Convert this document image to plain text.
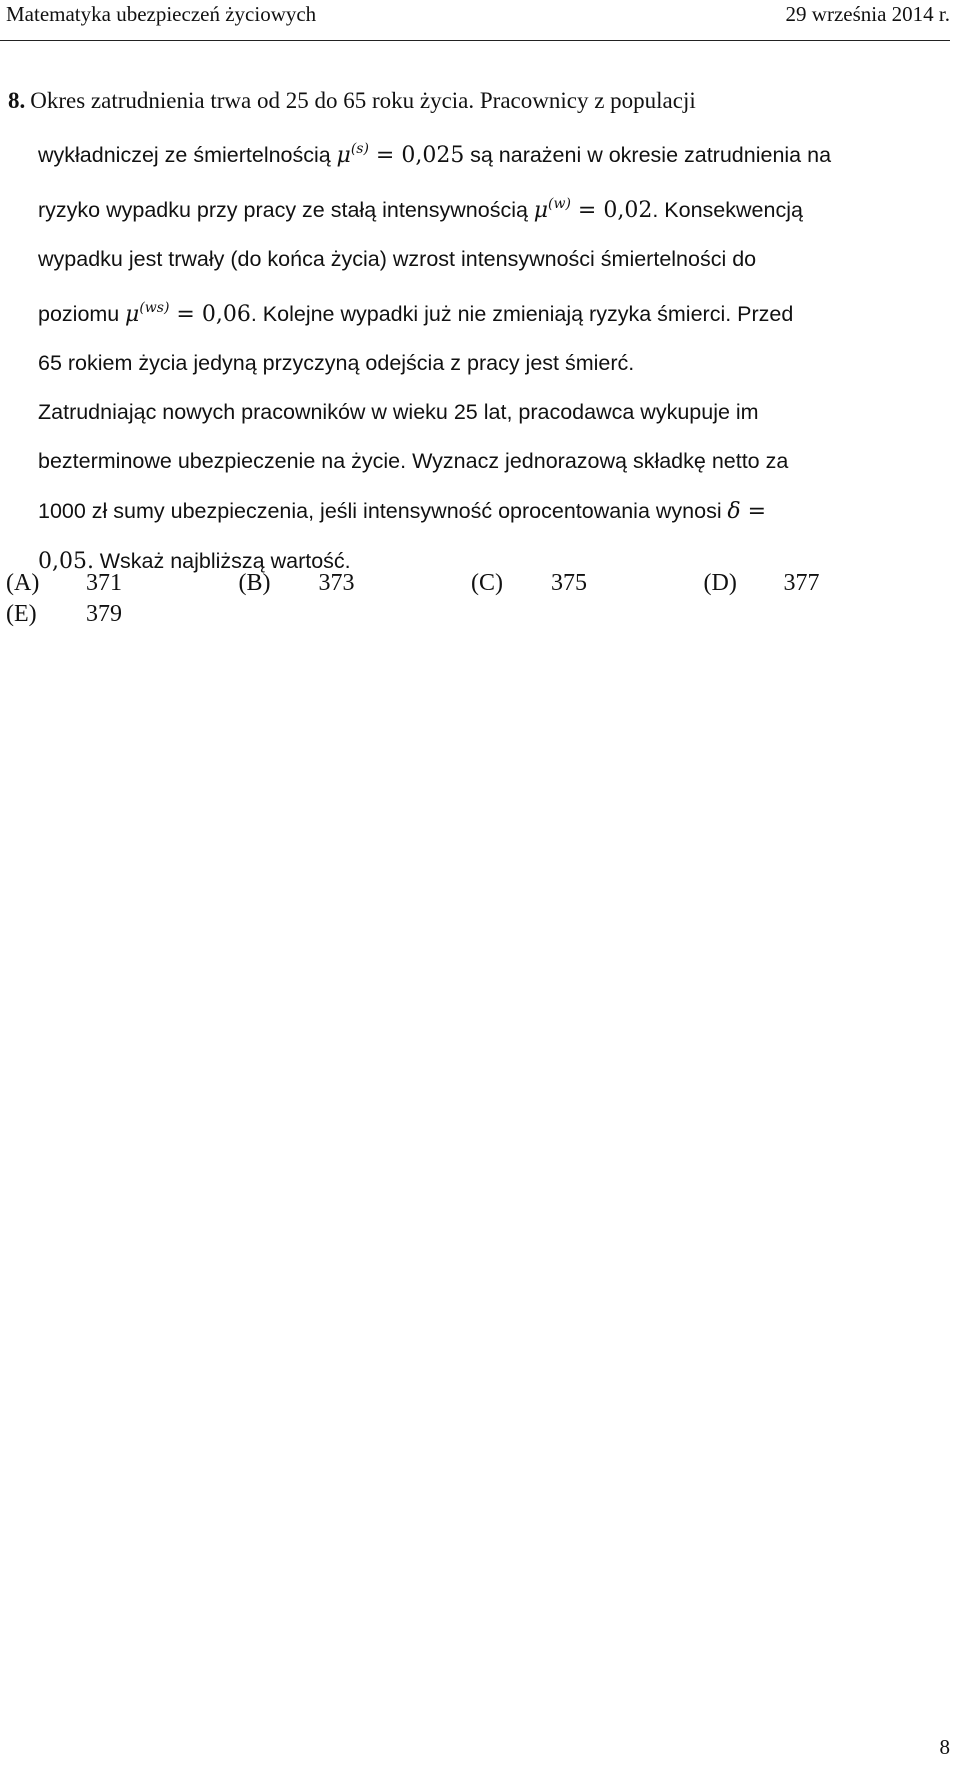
Matematyka ubezpieczeń życiowych	29 września 2014 r.
8. Okres zatrudnienia trwa od 25 do 65 roku życia. Pracownicy z populacji
wykładniczej ze śmiertelnością $\mu^{(s)} = 0,025$ są narażeni w okresie zatrudnienia na
ryzyko wypadku przy pracy ze stałą intensywnością $\mu^{(w)} = 0,02$. Konsekwencją
wypadku jest trwały (do końca życia) wzrost intensywności śmiertelności do
poziomu $\mu^{(ws)} = 0,06$. Kolejne wypadki już nie zmieniają ryzyka śmierci. Przed
65 rokiem życia jedyną przyczyną odejścia z pracy jest śmierć.
Zatrudniając nowych pracowników w wieku 25 lat, pracodawca wykupuje im
bezterminowe ubezpieczenie na życie. Wyznacz jednorazową składkę netto za
1000 zł sumy ubezpieczenia, jeśli intensywność oprocentowania wynosi δ =
0,05. Wskaż najbliższą wartość.
(A)	371	(B)	373	(C)	375	(D)	377
(E)	379
8
